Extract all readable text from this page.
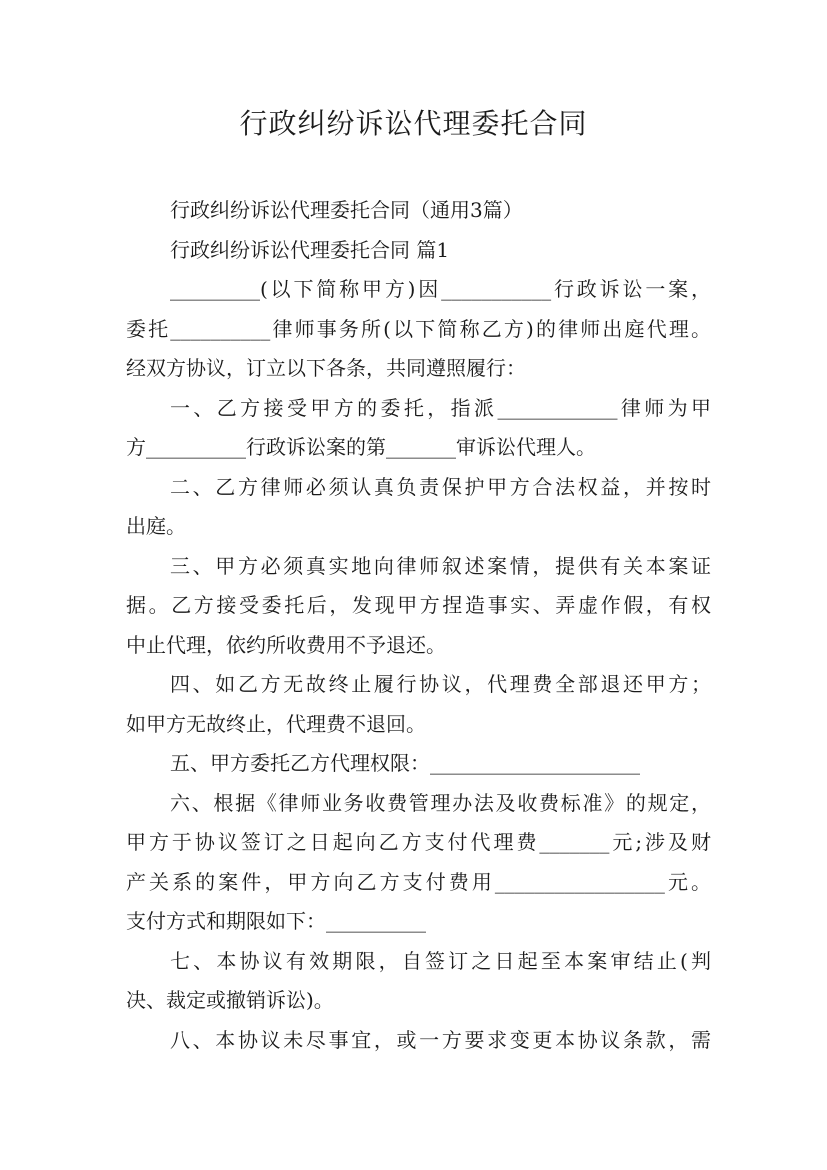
行政纠纷诉讼代理委托合同
行政纠纷诉讼代理委托合同（通用3篇）
行政纠纷诉讼代理委托合同 篇1
_________(以下简称甲方)因___________行政诉讼一案，
委托__________律师事务所(以下简称乙方)的律师出庭代理。
经双方协议，订立以下各条，共同遵照履行：
一、乙方接受甲方的委托，指派____________律师为甲
方__________行政诉讼案的第_______审诉讼代理人。
二、乙方律师必须认真负责保护甲方合法权益，并按时
出庭。
三、甲方必须真实地向律师叙述案情，提供有关本案证
据。乙方接受委托后，发现甲方捏造事实、弄虚作假，有权
中止代理，依约所收费用不予退还。
四、如乙方无故终止履行协议，代理费全部退还甲方；
如甲方无故终止，代理费不退回。
五、甲方委托乙方代理权限：_____________________
六、根据《律师业务收费管理办法及收费标准》的规定，
甲方于协议签订之日起向乙方支付代理费_______元;涉及财
产关系的案件，甲方向乙方支付费用_________________元。
支付方式和期限如下：__________
七、本协议有效期限，自签订之日起至本案审结止(判
决、裁定或撤销诉讼)。
八、本协议未尽事宜，或一方要求变更本协议条款，需
